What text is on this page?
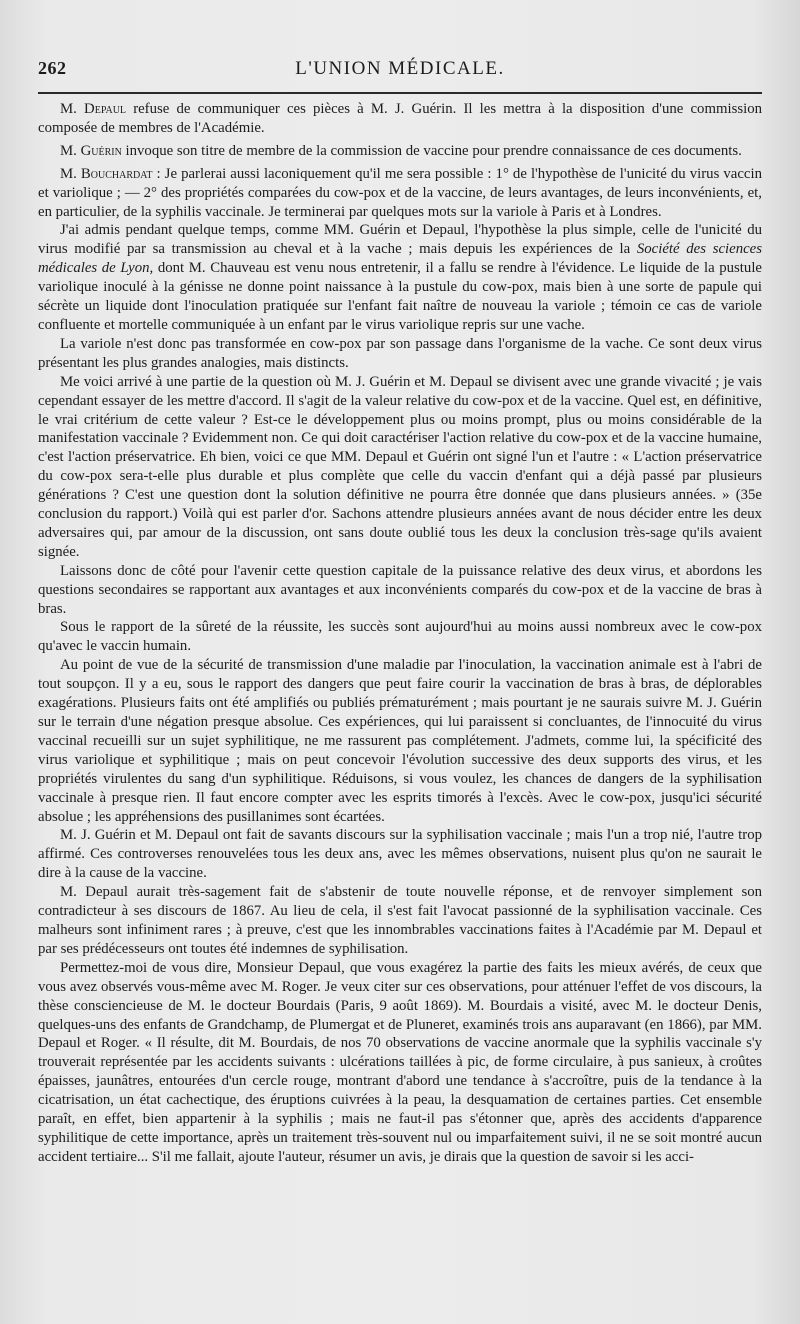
262	L'UNION MÉDICALE.

M. Depaul refuse de communiquer ces pièces à M. J. Guérin. Il les mettra à la disposition d'une commission composée de membres de l'Académie.

M. Guérin invoque son titre de membre de la commission de vaccine pour prendre connaissance de ces documents.

M. Bouchardat : Je parlerai aussi laconiquement qu'il me sera possible : 1° de l'hypothèse de l'unicité du virus vaccin et variolique ; — 2° des propriétés comparées du cow-pox et de la vaccine, de leurs avantages, de leurs inconvénients, et, en particulier, de la syphilis vaccinale. Je terminerai par quelques mots sur la variole à Paris et à Londres.

J'ai admis pendant quelque temps, comme MM. Guérin et Depaul, l'hypothèse la plus simple, celle de l'unicité du virus modifié par sa transmission au cheval et à la vache ; mais depuis les expériences de la Société des sciences médicales de Lyon, dont M. Chauveau est venu nous entretenir, il a fallu se rendre à l'évidence. Le liquide de la pustule variolique inoculé à la génisse ne donne point naissance à la pustule du cow-pox, mais bien à une sorte de papule qui sécrète un liquide dont l'inoculation pratiquée sur l'enfant fait naître de nouveau la variole ; témoin ce cas de variole confluente et mortelle communiquée à un enfant par le virus variolique repris sur une vache.

La variole n'est donc pas transformée en cow-pox par son passage dans l'organisme de la vache. Ce sont deux virus présentant les plus grandes analogies, mais distincts.

Me voici arrivé à une partie de la question où M. J. Guérin et M. Depaul se divisent avec une grande vivacité ; je vais cependant essayer de les mettre d'accord. Il s'agit de la valeur relative du cow-pox et de la vaccine. Quel est, en définitive, le vrai critérium de cette valeur ? Est-ce le développement plus ou moins prompt, plus ou moins considérable de la manifestation vaccinale ? Evidemment non. Ce qui doit caractériser l'action relative du cow-pox et de la vaccine humaine, c'est l'action préservatrice. Eh bien, voici ce que MM. Depaul et Guérin ont signé l'un et l'autre : « L'action préservatrice du cow-pox sera-t-elle plus durable et plus complète que celle du vaccin d'enfant qui a déjà passé par plusieurs générations ? C'est une question dont la solution définitive ne pourra être donnée que dans plusieurs années. » (35e conclusion du rapport.) Voilà qui est parler d'or. Sachons attendre plusieurs années avant de nous décider entre les deux adversaires qui, par amour de la discussion, ont sans doute oublié tous les deux la conclusion très-sage qu'ils avaient signée.

Laissons donc de côté pour l'avenir cette question capitale de la puissance relative des deux virus, et abordons les questions secondaires se rapportant aux avantages et aux inconvénients comparés du cow-pox et de la vaccine de bras à bras.

Sous le rapport de la sûreté de la réussite, les succès sont aujourd'hui au moins aussi nombreux avec le cow-pox qu'avec le vaccin humain.

Au point de vue de la sécurité de transmission d'une maladie par l'inoculation, la vaccination animale est à l'abri de tout soupçon. Il y a eu, sous le rapport des dangers que peut faire courir la vaccination de bras à bras, de déplorables exagérations. Plusieurs faits ont été amplifiés ou publiés prématurément ; mais pourtant je ne saurais suivre M. J. Guérin sur le terrain d'une négation presque absolue. Ces expériences, qui lui paraissent si concluantes, de l'innocuité du virus vaccinal recueilli sur un sujet syphilitique, ne me rassurent pas complétement. J'admets, comme lui, la spécificité des virus variolique et syphilitique ; mais on peut concevoir l'évolution successive des deux supports des virus, et les propriétés virulentes du sang d'un syphilitique. Réduisons, si vous voulez, les chances de dangers de la syphilisation vaccinale à presque rien. Il faut encore compter avec les esprits timorés à l'excès. Avec le cow-pox, jusqu'ici sécurité absolue ; les appréhensions des pusillanimes sont écartées.

M. J. Guérin et M. Depaul ont fait de savants discours sur la syphilisation vaccinale ; mais l'un a trop nié, l'autre trop affirmé. Ces controverses renouvelées tous les deux ans, avec les mêmes observations, nuisent plus qu'on ne saurait le dire à la cause de la vaccine.

M. Depaul aurait très-sagement fait de s'abstenir de toute nouvelle réponse, et de renvoyer simplement son contradicteur à ses discours de 1867. Au lieu de cela, il s'est fait l'avocat passionné de la syphilisation vaccinale. Ces malheurs sont infiniment rares ; à preuve, c'est que les innombrables vaccinations faites à l'Académie par M. Depaul et par ses prédécesseurs ont toutes été indemnes de syphilisation.

Permettez-moi de vous dire, Monsieur Depaul, que vous exagérez la partie des faits les mieux avérés, de ceux que vous avez observés vous-même avec M. Roger. Je veux citer sur ces observations, pour atténuer l'effet de vos discours, la thèse consciencieuse de M. le docteur Bourdais (Paris, 9 août 1869). M. Bourdais a visité, avec M. le docteur Denis, quelques-uns des enfants de Grandchamp, de Plumergat et de Pluneret, examinés trois ans auparavant (en 1866), par MM. Depaul et Roger. « Il résulte, dit M. Bourdais, de nos 70 observations de vaccine anormale que la syphilis vaccinale s'y trouverait représentée par les accidents suivants : ulcérations taillées à pic, de forme circulaire, à pus sanieux, à croûtes épaisses, jaunâtres, entourées d'un cercle rouge, montrant d'abord une tendance à s'accroître, puis de la tendance à la cicatrisation, un état cachectique, des éruptions cuivrées à la peau, la desquamation de certaines parties. Cet ensemble paraît, en effet, bien appartenir à la syphilis ; mais ne faut-il pas s'étonner que, après des accidents d'apparence syphilitique de cette importance, après un traitement très-souvent nul ou imparfaitement suivi, il ne se soit montré aucun accident tertiaire... S'il me fallait, ajoute l'auteur, résumer un avis, je dirais que la question de savoir si les acci-
